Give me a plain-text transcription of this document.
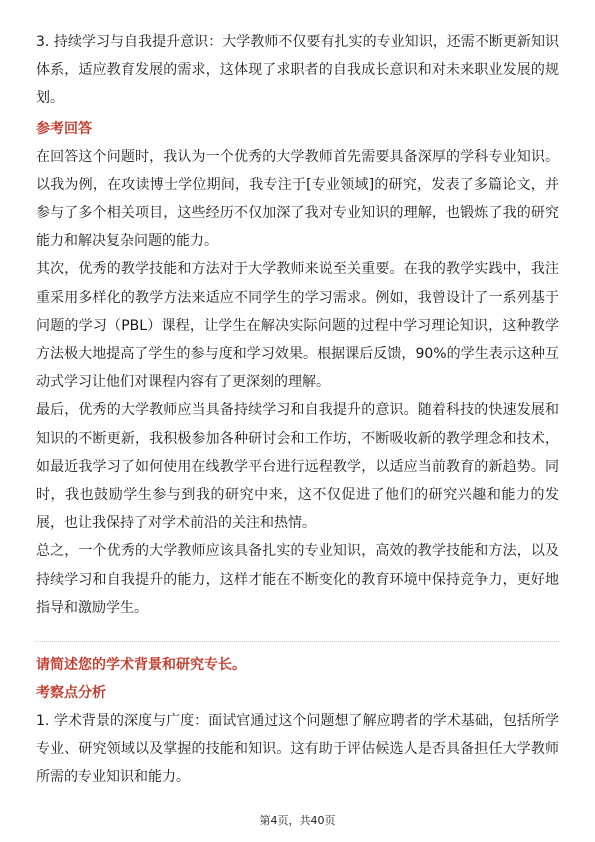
3. 持续学习与自我提升意识：大学教师不仅要有扎实的专业知识，还需不断更新知识体系，适应教育发展的需求，这体现了求职者的自我成长意识和对未来职业发展的规划。

参考回答

在回答这个问题时，我认为一个优秀的大学教师首先需要具备深厚的学科专业知识。以我为例，在攻读博士学位期间，我专注于[专业领域]的研究，发表了多篇论文，并参与了多个相关项目，这些经历不仅加深了我对专业知识的理解，也锻炼了我的研究能力和解决复杂问题的能力。

其次，优秀的教学技能和方法对于大学教师来说至关重要。在我的教学实践中，我注重采用多样化的教学方法来适应不同学生的学习需求。例如，我曾设计了一系列基于问题的学习（PBL）课程，让学生在解决实际问题的过程中学习理论知识，这种教学方法极大地提高了学生的参与度和学习效果。根据课后反馈，90%的学生表示这种互动式学习让他们对课程内容有了更深刻的理解。

最后，优秀的大学教师应当具备持续学习和自我提升的意识。随着科技的快速发展和知识的不断更新，我积极参加各种研讨会和工作坊，不断吸收新的教学理念和技术，如最近我学习了如何使用在线教学平台进行远程教学，以适应当前教育的新趋势。同时，我也鼓励学生参与到我的研究中来，这不仅促进了他们的研究兴趣和能力的发展，也让我保持了对学术前沿的关注和热情。

总之，一个优秀的大学教师应该具备扎实的专业知识，高效的教学技能和方法，以及持续学习和自我提升的能力，这样才能在不断变化的教育环境中保持竞争力，更好地指导和激励学生。

请简述您的学术背景和研究专长。

考察点分析

1. 学术背景的深度与广度：面试官通过这个问题想了解应聘者的学术基础，包括所学专业、研究领域以及掌握的技能和知识。这有助于评估候选人是否具备担任大学教师所需的专业知识和能力。

第4页，共40页
